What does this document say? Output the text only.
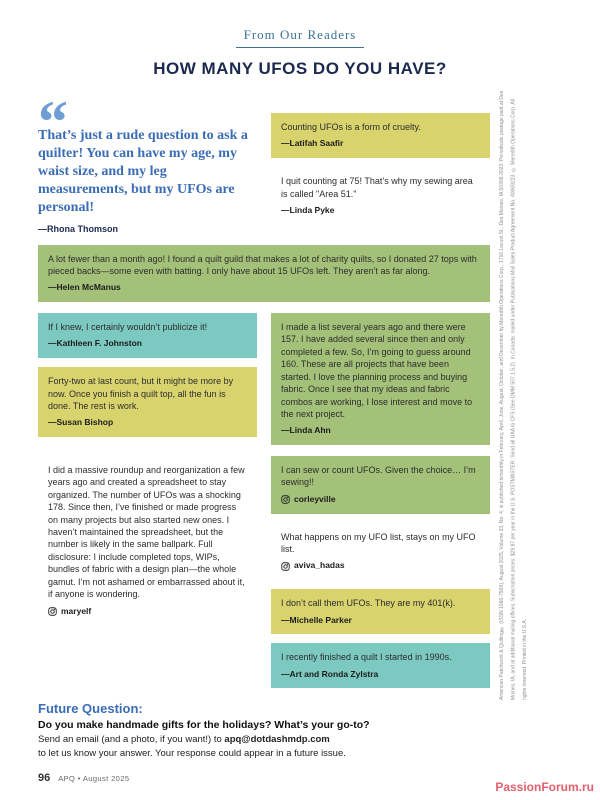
From Our Readers
HOW MANY UFOS DO YOU HAVE?
“

That’s just a rude question to ask a quilter! You can have my age, my waist size, and my leg measurements, but my UFOs are personal!

—Rhona Thomson

Counting UFOs is a form of cruelty.

—Latifah Saafir

I quit counting at 75! That’s why my sewing area is called "Area 51."

—Linda Pyke

A lot fewer than a month ago! I found a quilt guild that makes a lot of charity quilts, so I donated 27 tops with pieced backs—some even with batting. I only have about 15 UFOs left. They aren’t as far along.

—Helen McManus

If I knew, I certainly wouldn’t publicize it!

—Kathleen F. Johnston

Forty-two at last count, but it might be more by now. Once you finish a quilt top, all the fun is done. The rest is work.

—Susan Bishop

I made a list several years ago and there were 157. I have added several since then and only completed a few. So, I’m going to guess around 160. These are all projects that have been started. I love the planning process and buying fabric. Once I see that my ideas and fabric combos are working, I lose interest and move to the next project.

—Linda Ahn

I did a massive roundup and reorganization a few years ago and created a spreadsheet to stay organized. The number of UFOs was a shocking 178. Since then, I’ve finished or made progress on many projects but also started new ones. I haven’t maintained the spreadsheet, but the number is likely in the same ballpark. Full disclosure: I include completed tops, WIPs, bundles of fabric with a design plan—the whole gamut. I’m not ashamed or embarrassed about it, if anyone is wondering.

maryelf

I can sew or count UFOs. Given the choice… I’m sewing!!

corleyville

What happens on my UFO list, stays on my UFO list.

aviva_hadas

I don’t call them UFOs. They are my 401(k).

—Michelle Parker

I recently finished a quilt I started in 1990s.

—Art and Ronda Zylstra

Future Question:

Do you make handmade gifts for the holidays? What’s your go-to?

Send an email (and a photo, if you want!) to apq@dotdashmdp.com
to let us know your answer. Your response could appear in a future issue.

96 APQ • August 2025
American Patchwork & Quilting® (ISSN 1066-758X), August 2025, Volume 33, No. 4, is published bimonthly in February, April, June, August, October, and December by Meredith Operations Corp., 1716 Locust St., Des Moines, IA 50309-3023. Periodicals postage paid at Des Moines, IA, and at additional mailing offices. Subscription prices: $29.97 per year in the U.S. POSTMASTER: Send all UAA to CFS (See DMM 507.1.5.2). In Canada: mailed under Publications Mail Sales Product Agreement No. 40069223. © Meredith Operations Corp. All rights reserved. Printed in the U.S.A.
PassionForum.ru
